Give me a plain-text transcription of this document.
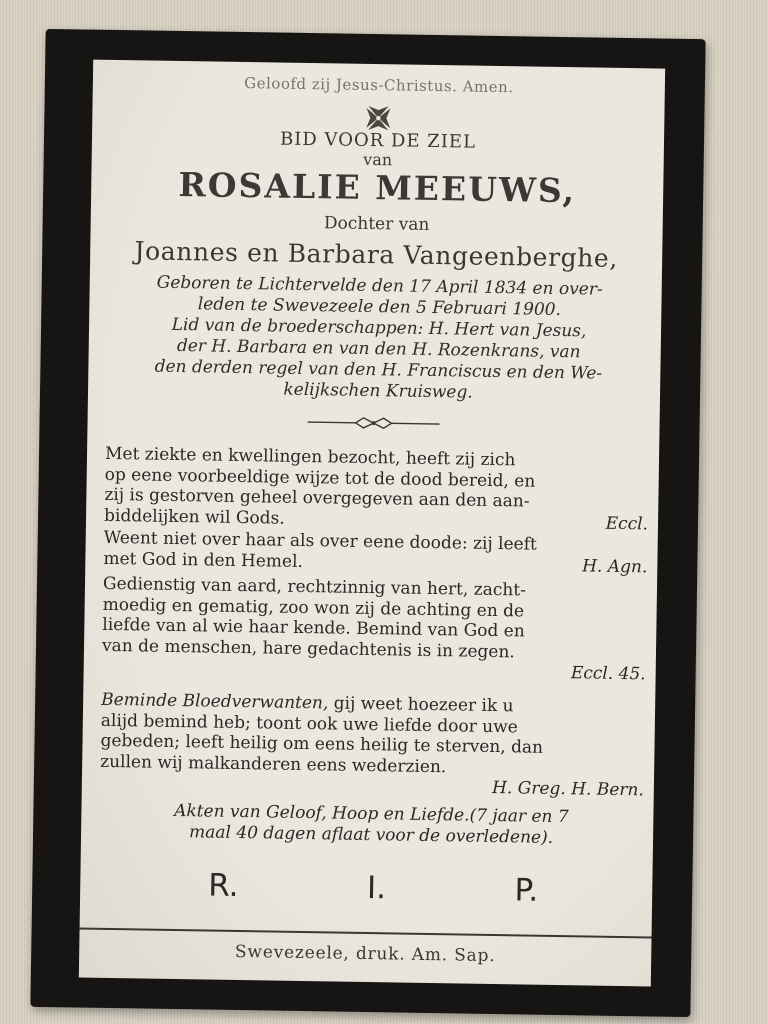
Geloofd zij Jesus-Christus. Amen.
BID VOOR DE ZIEL
van
ROSALIE MEEUWS,
Dochter van
Joannes en Barbara Vangeenberghe,
Geboren te Lichtervelde den 17 April 1834 en over-
leden te Swevezeele den 5 Februari 1900.
Lid van de broederschappen: H. Hert van Jesus,
der H. Barbara en van den H. Rozenkrans, van
den derden regel van den H. Franciscus en den We-
kelijkschen Kruisweg.
Met ziekte en kwellingen bezocht, heeft zij zich
op eene voorbeeldige wijze tot de dood bereid, en
zij is gestorven geheel overgegeven aan den aan-
biddelijken wil Gods.	Eccl.
Weent niet over haar als over eene doode: zij leeft
met God in den Hemel.	H. Agn.
Gedienstig van aard, rechtzinnig van hert, zacht-
moedig en gematig, zoo won zij de achting en de
liefde van al wie haar kende. Bemind van God en
van de menschen, hare gedachtenis is in zegen.
Eccl. 45.
Beminde Bloedverwanten, gij weet hoezeer ik u
alijd bemind heb; toont ook uwe liefde door uwe
gebeden; leeft heilig om eens heilig te sterven, dan
zullen wij malkanderen eens wederzien.
H. Greg. H. Bern.
Akten van Geloof, Hoop en Liefde.(7 jaar en 7
maal 40 dagen aflaat voor de overledene).
R.	I.	P.
Swevezeele, druk. Am. Sap.
